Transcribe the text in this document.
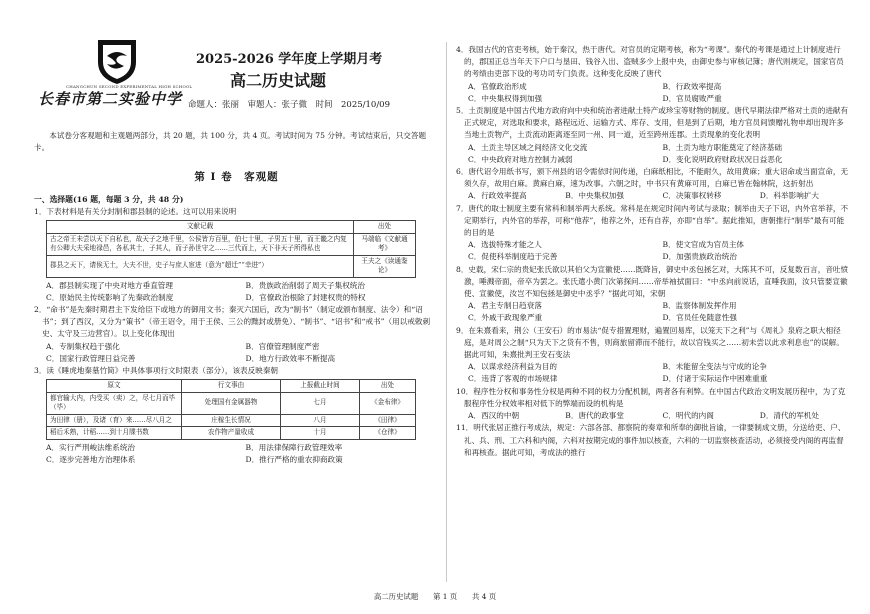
CHANGCHUN SECOND EXPERIMENTAL HIGH SCHOOL
长春市第二实验中学
2025-2026 学年度上学期月考
高二历史试题
命题人：张丽　审题人：张子微　时间　2025/10/09

本试卷分客观题和主观题两部分，共 20 题，共 100 分，共 4 页。考试时间为 75 分钟。考试结束后，只交答题卡。

第 I 卷　客观题
一、选择题(16 题，每题 3 分，共 48 分)

1．下表材料是有关分封制和郡县制的论述。这可以用来说明

文献记载	出处
古之帝王未尝以天下自私也，故天子之地千里，公侯皆方百里，伯七十里，子男五十里，而王畿之内复有公卿大夫采地禄邑，各私其土，子其人，而子孙世守之……三代而上，天下非天子所得私也	马端临《文献通考》
郡县之天下，请俟无土，大夫不世，史子与庶人宦进（意为“超迁”“幸进”）	王夫之《读通鉴论》
A．郡县制实现了中央对地方垂直管理	B．贵族政治削弱了周天子集权统治
C．原始民主传统影响了先秦政治制度	D．官僚政治根除了封建权贵的特权

2．“命书”是先秦时期君主下发给臣下或地方的御用文书；秦灭六国后，改为“制书”（制定或颁布制度、法令）和“诏书”；到了西汉，又分为“策书”（帝王诏令，用于王侯、三公的黜封或册免）、“制书”、“诏书”和“戒书”（用以戒敕刺史、太守及三边营官）。以上变化体现出

A．专制集权趋于强化	B．官僚管理制度严密
C．国家行政管理日益完善	D．地方行政效率不断提高

3．读《睡虎地秦墓竹简》中具体事项行文时限表（部分），该表反映秦朝

原文	行文事由	上报截止时间	出处
都官输大内，内受买（卖）之，尽七月而毕（毕）	处理国有金属器物	七月	《金布律》
为田律（册），及诸（育）来……尽八月之	庄稼生长情况	八月	《田律》
稻后禾熟，计稻……到十月牒书数	农作物产量收成	十月	《仓律》
A．实行严刑峻法维系统治	B．用法律保障行政管理效率
C．逐步完善地方治理体系	D．推行严格的重农抑商政策

4．我国古代的官吏考核，始于秦汉，热于唐代。对官员的定期考核，称为“考课”。秦代的考课是通过上计制度进行的，郡国正总当年天下户口与垦田、钱谷入出、盗贼多少上报中央，由御史参与审核记簿；唐代则规定，国家官员的考绩由吏部下设的考功司专门负责。这种变化反映了唐代

A．官僚政治形成	B．行政效率提高
C．中央集权得到加强	D．官员腐败严重

5．土贡制度是中国古代地方政府向中央和统治者进献土特产或珍宝等财物的制度。唐代早期法律严格对土贡的进献有正式规定，对选取和要求，路程远近、运输方式、库存、支用，但是到了后期，地方官员间馈赠礼物申却出现许多当地土贡物产，土贡流动距离逐至同一州、同一道，近至跨州连郡。土贡现象的变化表明

A．土贡主导区域之间经济文化交流	B．土贡为地方职能奠定了经济基础
C．中央政府对地方控制力减弱	D．变化说明政府财政状况日益恶化

6．唐代诏令用纸书写，颁下州县的诏令需依时间传递，白麻纸相比，不能耐久，故用黄麻；重大诏命或当面宣命，无须久存，故用白麻。黄麻白麻，速为改事。六朝之时，中书只有黄麻可用，白麻已皆在翰林院，这折射出

A．行政效率提高	B．中央集权加强	C．决策事权转移	D．科举影响扩大

7．唐代的取士制度主要有常科和制举两大系统。常科是在规定时间内考试与录取；制举由天子下诏，内外官举荐，不定期举行，内外官的举荐，可称“他荐”，他荐之外，还有自荐，亦即“自举”。据此推知，唐朝推行“制举”最有可能的目的是

A．选拔特殊才能之人	B．使文官成为官员主体
C．促使科举制度趋于完善	D．加强贵族政治统治

8．史载，宋仁宗的贵妃张氏欲以其伯父为宣徽使……既降旨，御史中丞包拯乞对，大陈其不可，反复数百言，音吐愤激，唾溅帝面，帝卒为罢之。张氏遣小黄门次第探问……帝举袖拭面曰：“中丞向前说话，直唾我面，汝只管要宣徽使、宣徽使，汝岂不知包拯是御史中丞乎？”据此可知，宋朝

A．君主专制日趋衰落	B．监察体制发挥作用
C．外戚干政现象严重	D．官员任免随意性强

9．在朱熹看来，荆公（王安石）的市易法“促专措置理财，遍置回易库，以笼天下之利”与《周礼》泉府之职大相径庭，是对周公之制“只为天下之货有不售，则商旅留滞而不能行，故以官钱买之……初未尝以此求利息也”的误解。据此可知，朱熹批判王安石变法

A．以谋求经济利益为目的	B．未能留全变法与守成的论争
C．违背了客观的市场规律	D．付诸于实际运作中困难重重

10．程序性分权和事务性分权是两种不同的权力分配机制，两者各有利弊。在中国古代政治文明发展历程中，为了克服程序性分权效率相对低下的弊端而设的机构是

A．西汉的中朝	B．唐代的政事堂	C．明代的内阁	D．清代的军机处

11．明代张居正推行考成法，规定：六部各部、都察院的奏章和所奉的御批旨谕，一律要制成文册，分送给吏、户、礼、兵、刑、工六科和内阁，六科对按期完成的事件加以核查，六科的一切监察核查活动，必须接受内阁的再监督和再核查。据此可知，考成法的推行

高二历史试题　　第 1 页　　共 4 页
